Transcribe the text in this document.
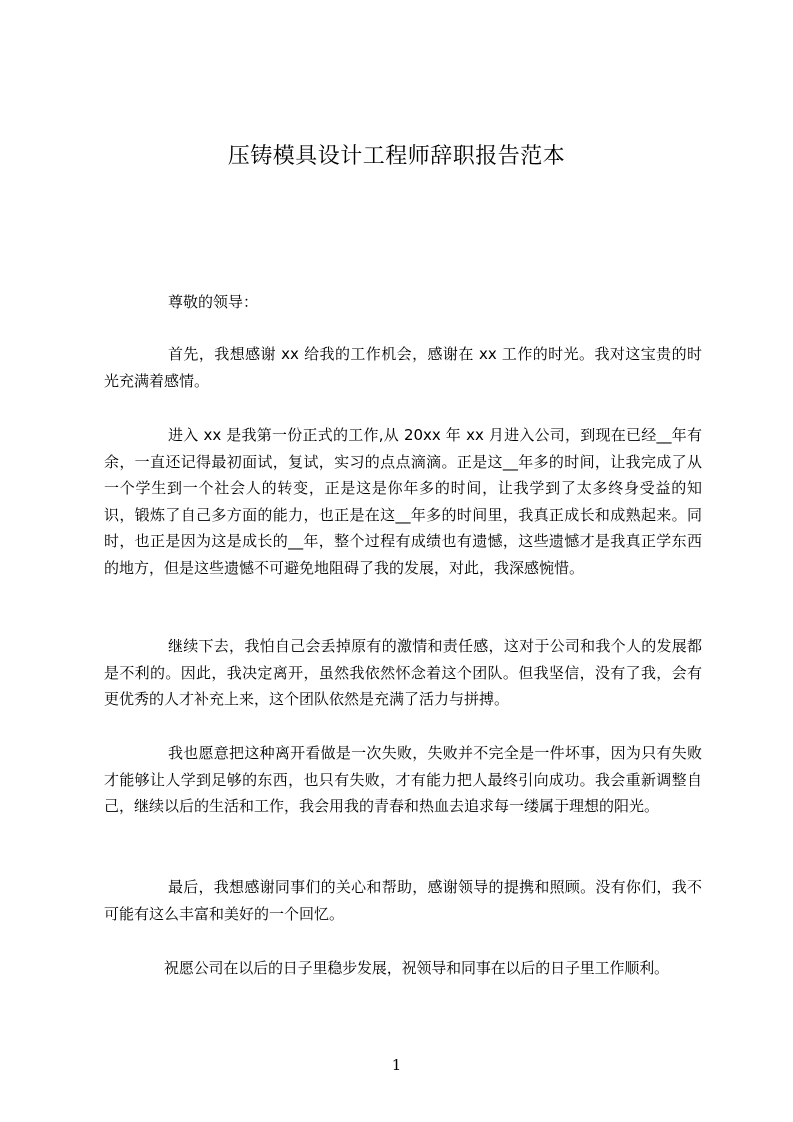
压铸模具设计工程师辞职报告范本
尊敬的领导：
首先，我想感谢 xx 给我的工作机会，感谢在 xx 工作的时光。我对这宝贵的时光充满着感情。
进入 xx 是我第一份正式的工作,从 20xx 年 xx 月进入公司，到现在已经__年有余，一直还记得最初面试，复试，实习的点点滴滴。正是这__年多的时间，让我完成了从一个学生到一个社会人的转变，正是这是你年多的时间，让我学到了太多终身受益的知识，锻炼了自己多方面的能力，也正是在这__年多的时间里，我真正成长和成熟起来。同时，也正是因为这是成长的__年，整个过程有成绩也有遗憾，这些遗憾才是我真正学东西的地方，但是这些遗憾不可避免地阻碍了我的发展，对此，我深感惋惜。
继续下去，我怕自己会丢掉原有的激情和责任感，这对于公司和我个人的发展都是不利的。因此，我决定离开，虽然我依然怀念着这个团队。但我坚信，没有了我，会有更优秀的人才补充上来，这个团队依然是充满了活力与拼搏。
我也愿意把这种离开看做是一次失败，失败并不完全是一件坏事，因为只有失败才能够让人学到足够的东西，也只有失败，才有能力把人最终引向成功。我会重新调整自己，继续以后的生活和工作，我会用我的青春和热血去追求每一缕属于理想的阳光。
最后，我想感谢同事们的关心和帮助，感谢领导的提携和照顾。没有你们，我不可能有这么丰富和美好的一个回忆。
祝愿公司在以后的日子里稳步发展，祝领导和同事在以后的日子里工作顺利。
1
